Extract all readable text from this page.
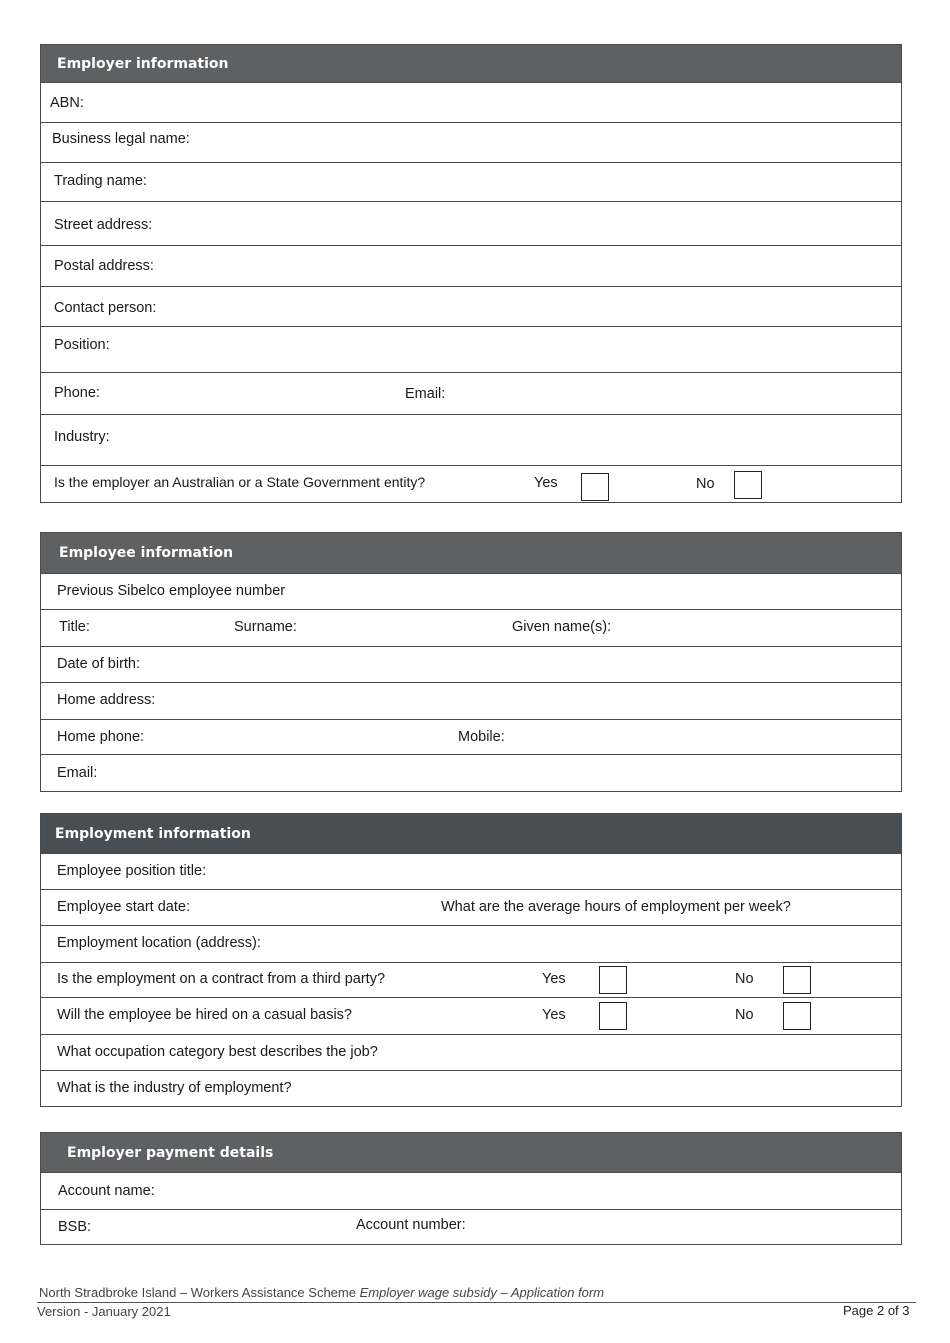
Employer information
ABN:
Business legal name:
Trading name:
Street address:
Postal address:
Contact person:
Position:
Phone:	Email:
Industry:
Is the employer an Australian or a State Government entity?	Yes	No
Employee information
Previous Sibelco employee number
Title:	Surname:	Given name(s):
Date of birth:
Home address:
Home phone:	Mobile:
Email:
Employment information
Employee position title:
Employee start date:	What are the average hours of employment per week?
Employment location (address):
Is the employment on a contract from a third party?	Yes	No
Will the employee be hired on a casual basis?	Yes	No
What occupation category best describes the job?
What is the industry of employment?
Employer payment details
Account name:
BSB:	Account number:
North Stradbroke Island – Workers Assistance Scheme Employer wage subsidy – Application form
Version - January 2021	Page 2 of 3
